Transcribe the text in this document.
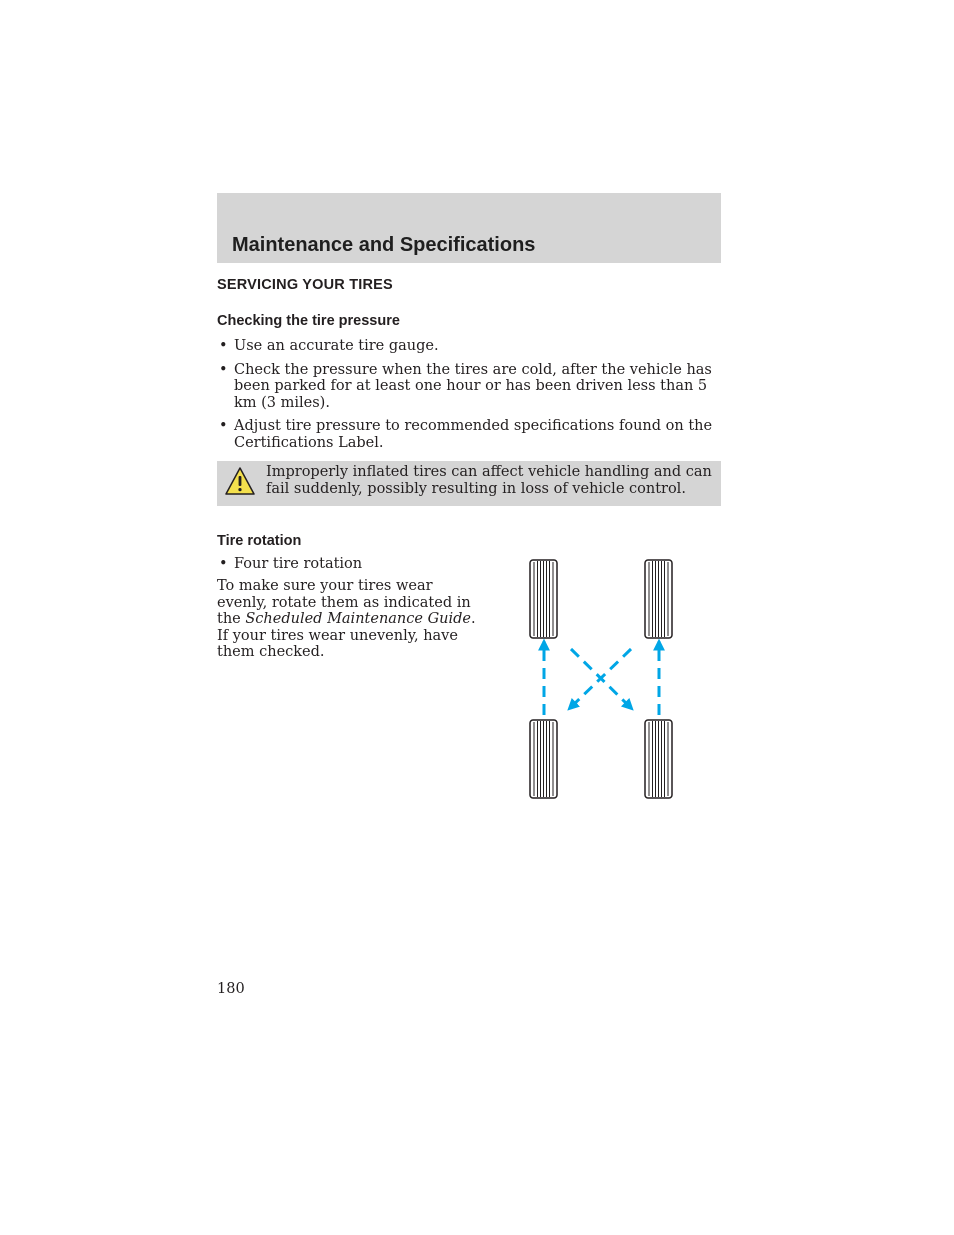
Maintenance and Specifications
SERVICING YOUR TIRES
Checking the tire pressure
• Use an accurate tire gauge.
• Check the pressure when the tires are cold, after the vehicle has been parked for at least one hour or has been driven less than 5 km (3 miles).
• Adjust tire pressure to recommended specifications found on the Certifications Label.

Improperly inflated tires can affect vehicle handling and can fail suddenly, possibly resulting in loss of vehicle control.

Tire rotation
• Four tire rotation

To make sure your tires wear evenly, rotate them as indicated in the Scheduled Maintenance Guide. If your tires wear unevenly, have them checked.

180
